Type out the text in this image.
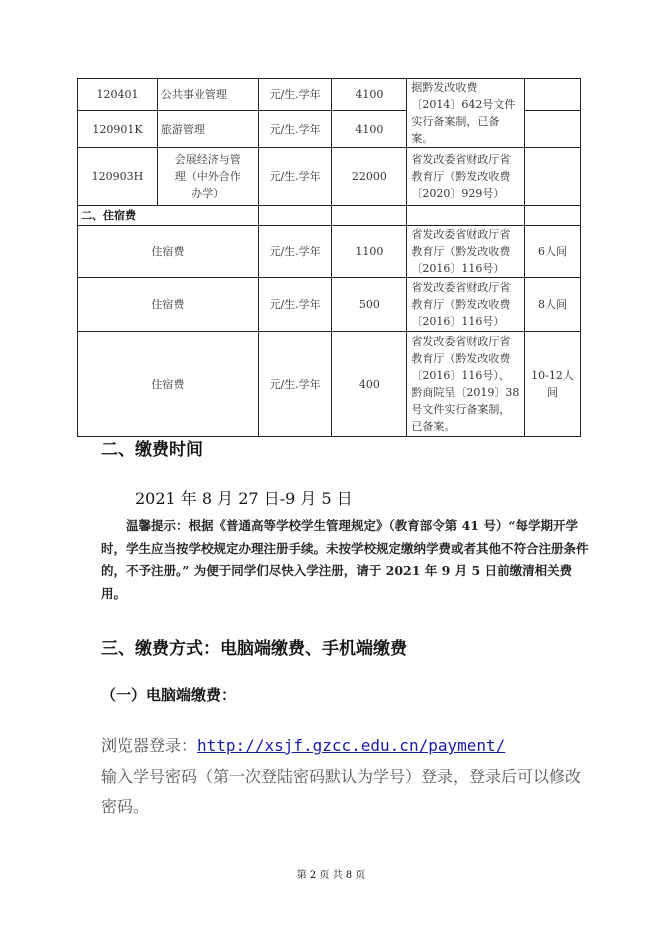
120401	公共事业管理	元/生.学年	4100	据黔发改收费〔2014〕642号文件实行备案制，已备案。	
120901K	旅游管理	元/生.学年	4100		
120903H	会展经济与管理（中外合作办学）	元/生.学年	22000	省发改委省财政厅省教育厅（黔发改收费〔2020〕929号）	
二、住宿费					
住宿费		元/生.学年	1100	省发改委省财政厅省教育厅（黔发改收费〔2016〕116号）	6人间
住宿费		元/生.学年	500	省发改委省财政厅省教育厅（黔发改收费〔2016〕116号）	8人间
住宿费		元/生.学年	400	省发改委省财政厅省教育厅（黔发改收费〔2016〕116号）、黔商院呈〔2019〕38号文件实行备案制，已备案。	10-12人间
二、缴费时间
2021 年 8 月 27 日-9 月 5 日
温馨提示：根据《普通高等学校学生管理规定》（教育部令第 41 号）“每学期开学时，学生应当按学校规定办理注册手续。未按学校规定缴纳学费或者其他不符合注册条件的，不予注册。” 为便于同学们尽快入学注册，请于 2021 年 9 月 5 日前缴清相关费用。
三、缴费方式：电脑端缴费、手机端缴费
（一）电脑端缴费：
浏览器登录：http://xsjf.gzcc.edu.cn/payment/
输入学号密码（第一次登陆密码默认为学号）登录，登录后可以修改密码。
第 2 页 共 8 页
